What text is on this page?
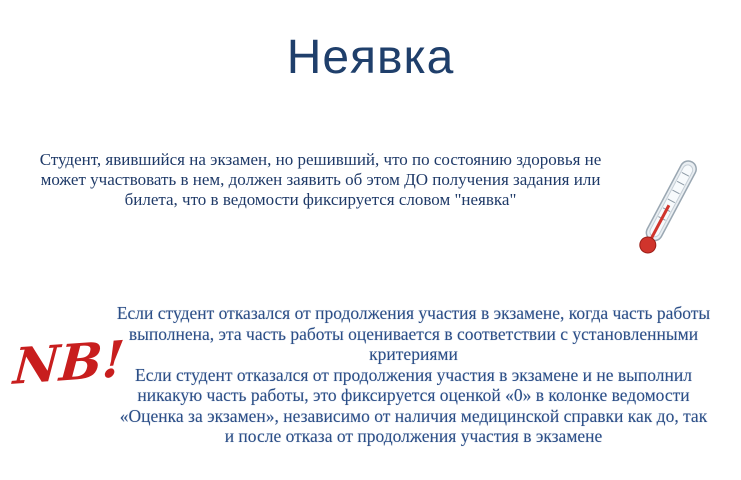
Неявка
Студент, явившийся на экзамен, но решивший, что по состоянию здоровья не может участвовать в нем, должен заявить об этом ДО получения задания или билета, что в ведомости фиксируется словом "неявка"
NB!
Если студент отказался от продолжения участия в экзамене, когда часть работы выполнена, эта часть работы оценивается в соответствии с установленными критериями
Если студент отказался от продолжения участия в экзамене и не выполнил никакую часть работы, это фиксируется оценкой «0» в колонке ведомости «Оценка за экзамен», независимо от наличия медицинской справки как до, так и после отказа от продолжения участия в экзамене
